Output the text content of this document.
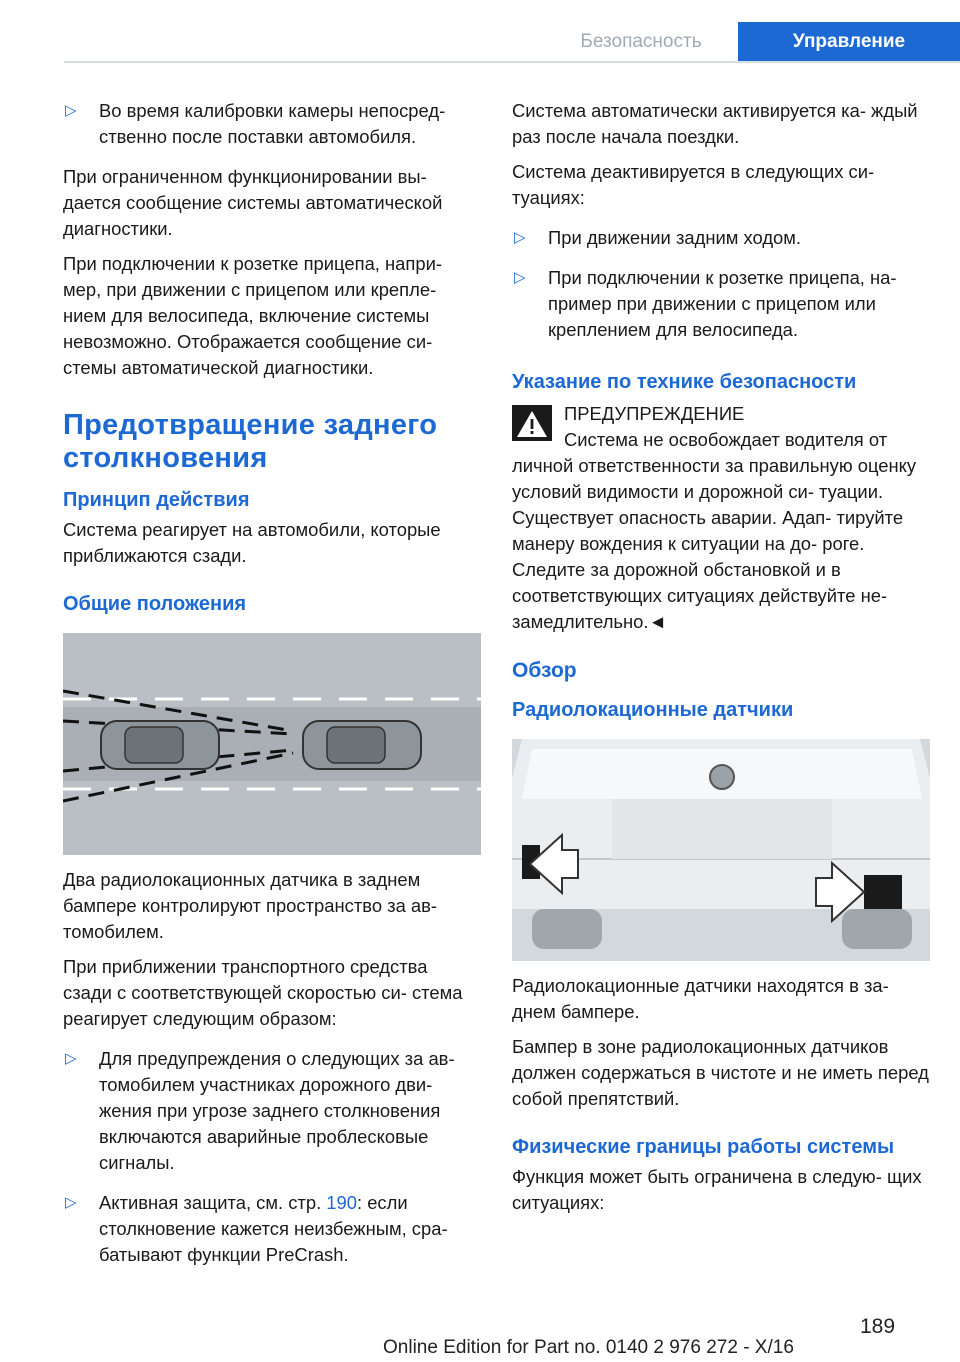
Безопасность	Управление
▷ Во время калибровки камеры непосред- ственно после поставки автомобиля.

При ограниченном функционировании вы- дается сообщение системы автоматической диагностики.

При подключении к розетке прицепа, напри- мер, при движении с прицепом или крепле- нием для велосипеда, включение системы невозможно. Отображается сообщение си- стемы автоматической диагностики.

Предотвращение заднего столкновения
Принцип действия

Система реагирует на автомобили, которые приближаются сзади.

Общие положения

Два радиолокационных датчика в заднем бампере контролируют пространство за ав- томобилем.

При приближении транспортного средства сзади с соответствующей скоростью си- стема реагирует следующим образом:

▷ Для предупреждения о следующих за ав- томобилем участниках дорожного дви- жения при угрозе заднего столкновения включаются аварийные проблесковые сигналы.
▷ Активная защита, см. стр. 190: если столкновение кажется неизбежным, сра- батывают функции PreCrash.

Система автоматически активируется ка- ждый раз после начала поездки.

Система деактивируется в следующих си- туациях:

▷ При движении задним ходом.
▷ При подключении к розетке прицепа, на- пример при движении с прицепом или креплением для велосипеда.
Указание по технике безопасности
ПРЕДУПРЕЖДЕНИЕ

Система не освобождает водителя от личной ответственности за правильную оценку условий видимости и дорожной си- туации. Существует опасность аварии. Адап- тируйте манеру вождения к ситуации на до- роге. Следите за дорожной обстановкой и в соответствующих ситуациях действуйте не- замедлительно.◄

Обзор
Радиолокационные датчики

Радиолокационные датчики находятся в за- днем бампере.

Бампер в зоне радиолокационных датчиков должен содержаться в чистоте и не иметь перед собой препятствий.

Физические границы работы системы

Функция может быть ограничена в следую- щих ситуациях:

189
Online Edition for Part no. 0140 2 976 272 - X/16
